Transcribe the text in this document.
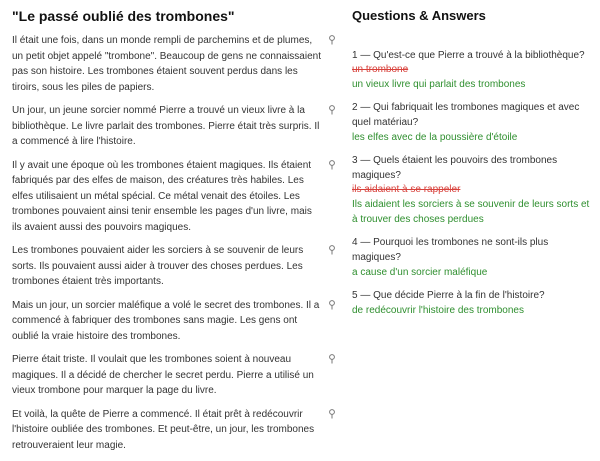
"Le passé oublié des trombones"
Il était une fois, dans un monde rempli de parchemins et de plumes, un petit objet appelé "trombone". Beaucoup de gens ne connaissaient pas son histoire. Les trombones étaient souvent perdus dans les tiroirs, sous les piles de papiers.
Un jour, un jeune sorcier nommé Pierre a trouvé un vieux livre à la bibliothèque. Le livre parlait des trombones. Pierre était très surpris. Il a commencé à lire l'histoire.
Il y avait une époque où les trombones étaient magiques. Ils étaient fabriqués par des elfes de maison, des créatures très habiles. Les elfes utilisaient un métal spécial. Ce métal venait des étoiles. Les trombones pouvaient ainsi tenir ensemble les pages d'un livre, mais ils avaient aussi des pouvoirs magiques.
Les trombones pouvaient aider les sorciers à se souvenir de leurs sorts. Ils pouvaient aussi aider à trouver des choses perdues. Les trombones étaient très importants.
Mais un jour, un sorcier maléfique a volé le secret des trombones. Il a commencé à fabriquer des trombones sans magie. Les gens ont oublié la vraie histoire des trombones.
Pierre était triste. Il voulait que les trombones soient à nouveau magiques. Il a décidé de chercher le secret perdu. Pierre a utilisé un vieux trombone pour marquer la page du livre.
Et voilà, la quête de Pierre a commencé. Il était prêt à redécouvrir l'histoire oubliée des trombones. Et peut-être, un jour, les trombones retrouveraient leur magie.
Questions & Answers
1 — Qu'est-ce que Pierre a trouvé à la bibliothèque?
un trombone
un vieux livre qui parlait des trombones
2 — Qui fabriquait les trombones magiques et avec quel matériau?
les elfes avec de la poussière d'étoile
3 — Quels étaient les pouvoirs des trombones magiques?
ils aidaient à se rappeler
Ils aidaient les sorciers à se souvenir de leurs sorts et à trouver des choses perdues
4 — Pourquoi les trombones ne sont-ils plus magiques?
a cause d'un sorcier maléfique
5 — Que décide Pierre à la fin de l'histoire?
de redécouvrir l'histoire des trombones
